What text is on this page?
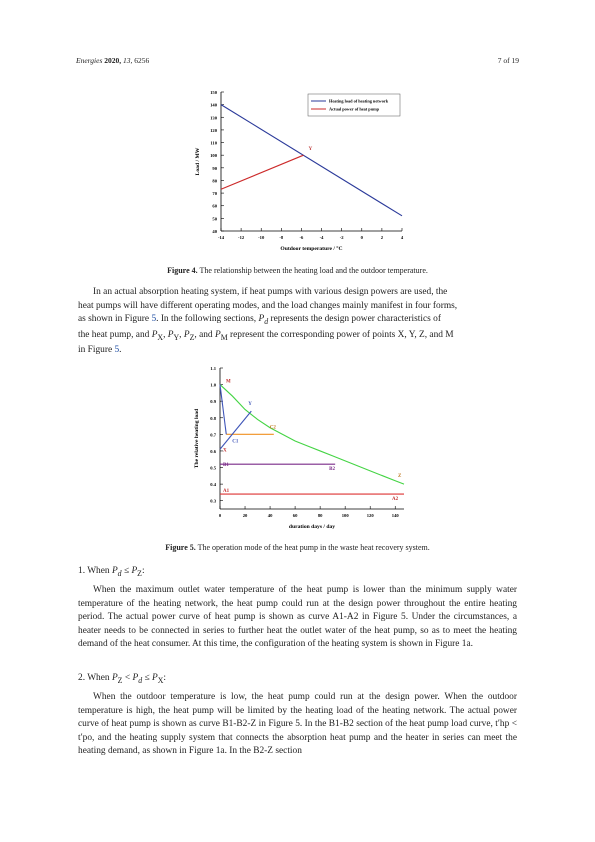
Energies 2020, 13, 6256	7 of 19
40
50
60
70
80
90
100
110
120
130
140
150
-14	-12	-10	-8	-6	-4	-2	0	2	4
Outdoor temperature / °C
Load / MW
Heating load of heating network
Actual power of heat pump
Y
Figure 4. The relationship between the heating load and the outdoor temperature.
In an actual absorption heating system, if heat pumps with various design powers are used, the
heat pumps will have different operating modes, and the load changes mainly manifest in four forms,
as shown in Figure 5. In the following sections, $P_d$ represents the design power characteristics of
the heat pump, and $P_X$, $P_Y$, $P_Z$, and $P_M$ represent the corresponding power of points X, Y, Z, and M
in Figure 5.
0.3
0.4
0.5
0.6
0.7
0.8
0.9
1.0
1.1
0	20	40	60	80	100	120	140
duration days / day
The relative heating load
M
Y
C2
C1
X
B1
B2
Z
A1
A2
Figure 5. The operation mode of the heat pump in the waste heat recovery system.
1. When $P_d \le P_Z$:
When the maximum outlet water temperature of the heat pump is lower than the minimum supply water temperature of the heating network, the heat pump could run at the design power throughout the entire heating period. The actual power curve of heat pump is shown as curve A1-A2 in Figure 5. Under the circumstances, a heater needs to be connected in series to further heat the outlet water of the heat pump, so as to meet the heating demand of the heat consumer. At this time, the configuration of the heating system is shown in Figure 1a.
2. When $P_Z < P_d \le P_X$:
When the outdoor temperature is low, the heat pump could run at the design power. When the outdoor temperature is high, the heat pump will be limited by the heating load of the heating network. The actual power curve of heat pump is shown as curve B1-B2-Z in Figure 5. In the B1-B2 section of the heat pump load curve, t′hp < t′po, and the heating supply system that connects the absorption heat pump and the heater in series can meet the heating demand, as shown in Figure 1a. In the B2-Z section
